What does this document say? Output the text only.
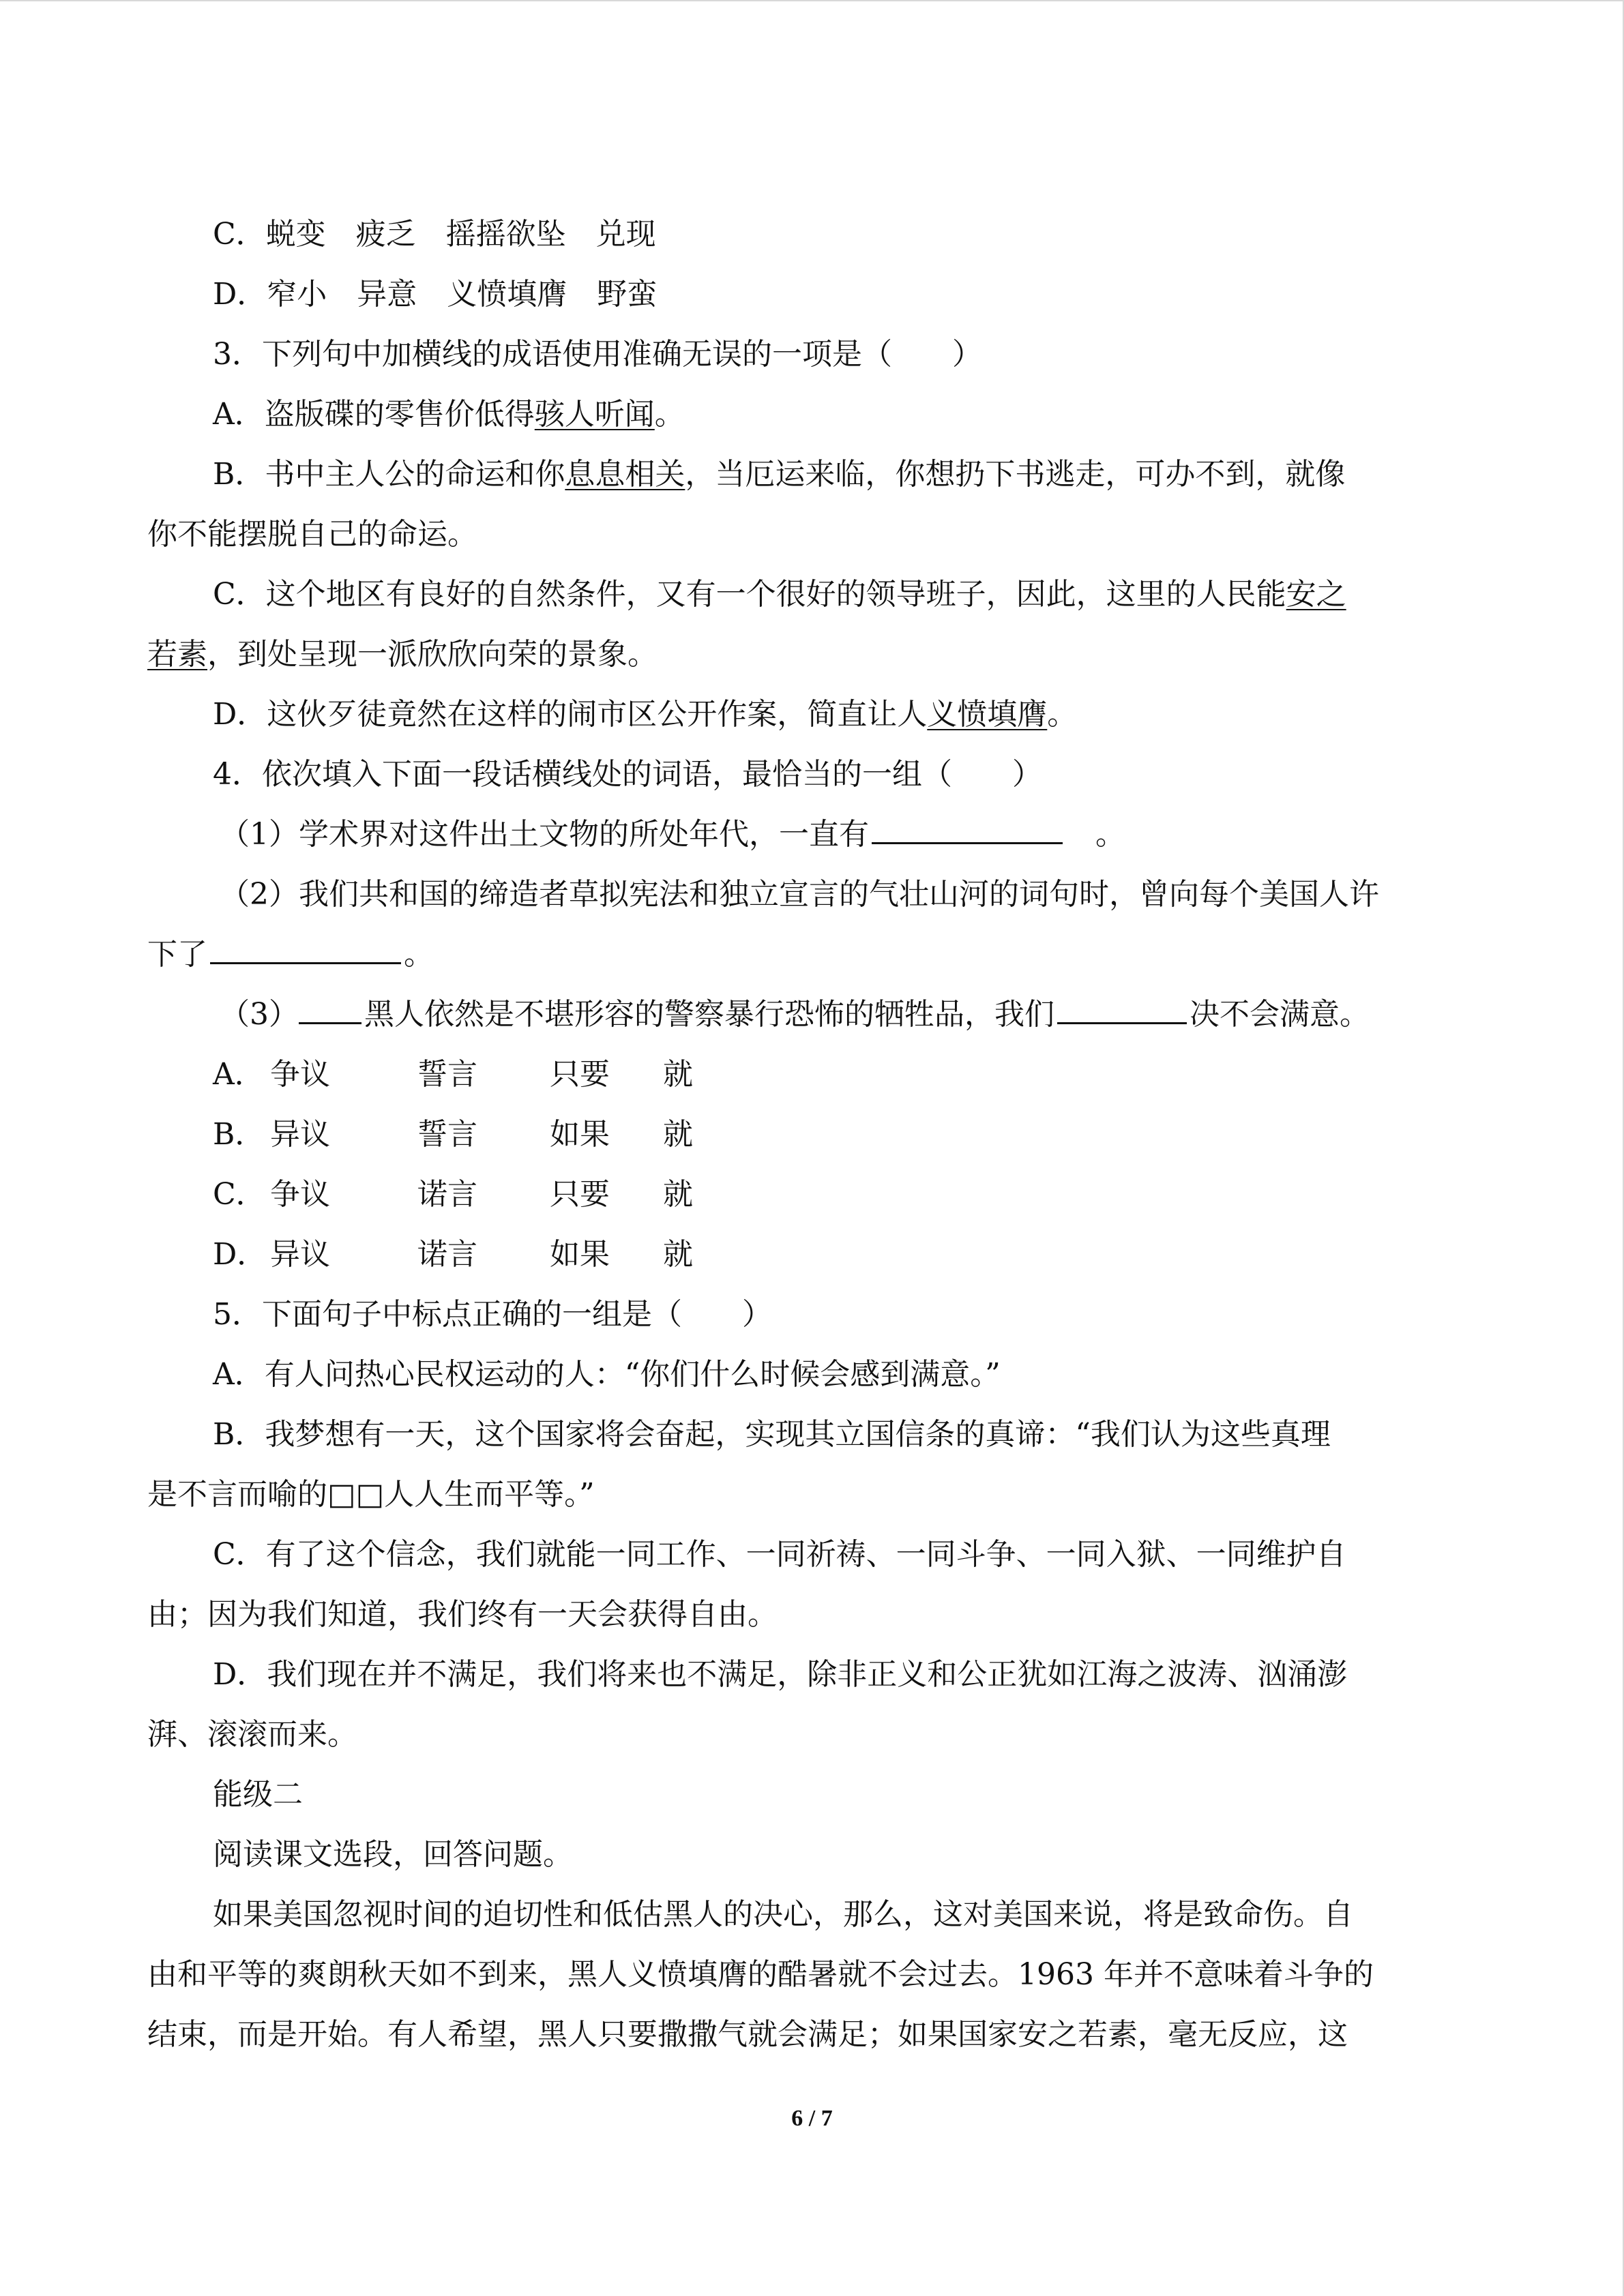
C．蜕变　疲乏　摇摇欲坠　兑现
D．窄小　异意　义愤填膺　野蛮
3．下列句中加横线的成语使用准确无误的一项是（　　）
A．盗版碟的零售价低得骇人听闻。
B．书中主人公的命运和你息息相关，当厄运来临，你想扔下书逃走，可办不到，就像
你不能摆脱自己的命运。
C．这个地区有良好的自然条件，又有一个很好的领导班子，因此，这里的人民能安之
若素，到处呈现一派欣欣向荣的景象。
D．这伙歹徒竟然在这样的闹市区公开作案，简直让人义愤填膺。
4．依次填入下面一段话横线处的词语，最恰当的一组（　　）
（1）学术界对这件出土文物的所处年代，一直有	　。
（2）我们共和国的缔造者草拟宪法和独立宣言的气壮山河的词句时，曾向每个美国人许
下了	。
（3） 黑人依然是不堪形容的警察暴行恐怖的牺牲品，我们	决不会满意。
A． 争议	誓言 只要 就
B． 异议	誓言 如果 就
C． 争议	诺言 只要 就
D． 异议	诺言 如果 就
5．下面句子中标点正确的一组是（　　）
A．有人问热心民权运动的人：“你们什么时候会感到满意。”
B．我梦想有一天，这个国家将会奋起，实现其立国信条的真谛：“我们认为这些真理
是不言而喻的□□人人生而平等。”
C．有了这个信念，我们就能一同工作、一同祈祷、一同斗争、一同入狱、一同维护自
由；因为我们知道，我们终有一天会获得自由。
D．我们现在并不满足，我们将来也不满足，除非正义和公正犹如江海之波涛、汹涌澎
湃、滚滚而来。
能级二
阅读课文选段，回答问题。
如果美国忽视时间的迫切性和低估黑人的决心，那么，这对美国来说，将是致命伤。自
由和平等的爽朗秋天如不到来，黑人义愤填膺的酷暑就不会过去。1963 年并不意味着斗争的
结束，而是开始。有人希望，黑人只要撒撒气就会满足；如果国家安之若素，毫无反应，这
6 / 7
